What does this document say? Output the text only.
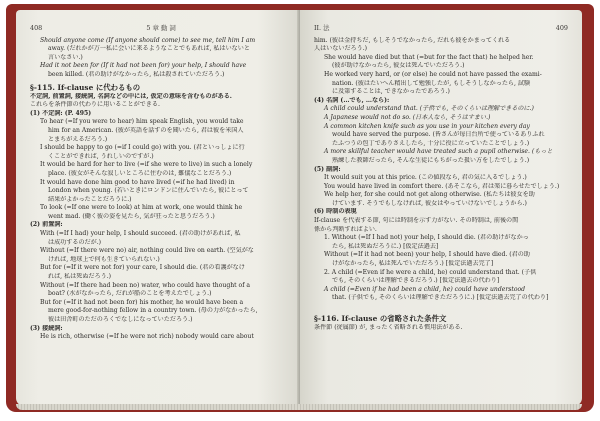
408	5 章 動 詞
Should anyone come (If anyone should come) to see me, tell him I am
away. (だれかが万一私に会いに来るようなことでもあれば, 私はいないと
言いなさい.)
Had it not been for (If it had not been for) your help, I should have
been killed. (君の助けがなかったら, 私は殺されていただろう.)
§-115. If-clause に代わるもの
不定詞, 前置詞, 接続詞, 名詞などの中には, 仮定の意味を含むものがある.
これらを条件節の代わりに用いることができる.
(1) 不定詞: (P. 495)
To hear (=If you were to hear) him speak English, you would take
him for an American. (彼が英語を話すのを聞いたら, 君は彼を米国人
とまちがえるだろう.)
I should be happy to go (=if I could go) with you. (君といっしょに行
くことができれば, うれしいのですが.)
It would be hard for her to live (=if she were to live) in such a lonely
place. (彼女がそんな寂しいところに住むのは, 難儀なことだろう.)
It would have done him good to have lived (=if he had lived) in
London when young. (若いときにロンドンに住んでいたら, 彼にとって
結果がよかったことだろうに.)
To look (=If one were to look) at him at work, one would think he
went mad. (働く彼の姿を見たら, 気が狂ったと思うだろう.)
(2) 前置詞:
With (=If I had) your help, I should succeed. (君の助けがあれば, 私
は成功するのだが.)
Without (=If there were no) air, nothing could live on earth. (空気がな
ければ, 地球上で何も生きていられない.)
But for (=If it were not for) your care, I should die. (君の看護がなけ
れば, 私は死ぬだろう.)
Without (=If there had been no) water, who could have thought of a
boat? (水がなかったら, だれが船のことを考えたでしょう.)
But for (=If it had not been for) his mother, he would have been a
mere good-for-nothing fellow in a country town. (母の力がなかったら,
彼は田舎町のただのろくでなしになっていただろう.)
(3) 接続詞:
He is rich, otherwise (=If he were not rich) nobody would care about
II. 法	409
him. (彼は金持ちだ, もしそうでなかったら, だれも彼をかまってくれる
人はいないだろう.)
She would have died but that (=but for the fact that) he helped her.
(彼が助けなかったら, 彼女は死んでいただろう.)
He worked very hard, or (or else) he could not have passed the exami-
nation. (彼はたいへん精出して勉強したが, もしそうしなかったら, 試験
に及第することは, できなかったであろう.)
(4) 名詞 (…でも, …なら):
A child could understand that. (子供でも, そのくらいは理解できるのに.)
A Japanese would not do so. (日本人なら, そうはすまい.)
A common kitchen knife such as you use in your kitchen every day
would have served the purpose. (皆さんが毎日台所で使っているありふれ
たふつうの包丁でありさえしたら, 十分に役に立っていたことでしょう.)
A more skillful teacher would have treated such a pupil otherwise. (もっと
熟練した教師だったら, そんな生徒にもちがった扱い方をしたでしょう.)
(5) 副詞:
It would suit you at this price. (この値段なら, 君の気に入るでしょう.)
You would have lived in comfort there. (あそこなら, 君は楽に暮らせたでしょう.)
We help her, for she could not get along otherwise. (私たちは彼女を助
けています. そうでもしなければ, 彼女はやっていけないでしょうから.)
(6) 時制の表現
If-clause を代表する節, 句には時制を示す力がない. その時制は, 前後の関
係から判断すればよい.
1. Without (=If I had not) your help, I should die. (君の助けがなかっ
たら, 私は死ぬだろうに.) [仮定法過去]
Without (=If it had not been) your help, I should have died. (君の助
けがなかったら, 私は死んでいただろう.) [仮定法過去完了]
2. A child (=Even if he were a child, he) could understand that. (子供
でも, そのくらいは理解できるだろう.) [仮定法過去の代わり]
A child (=Even if he had been a child, he) could have understood
that. (子供でも, そのくらいは理解できただろうに.) [仮定法過去完了の代わり]
§-116. If-clause の省略された条件文
条件節 (従属節) が, まったく省略される慣用法がある.
